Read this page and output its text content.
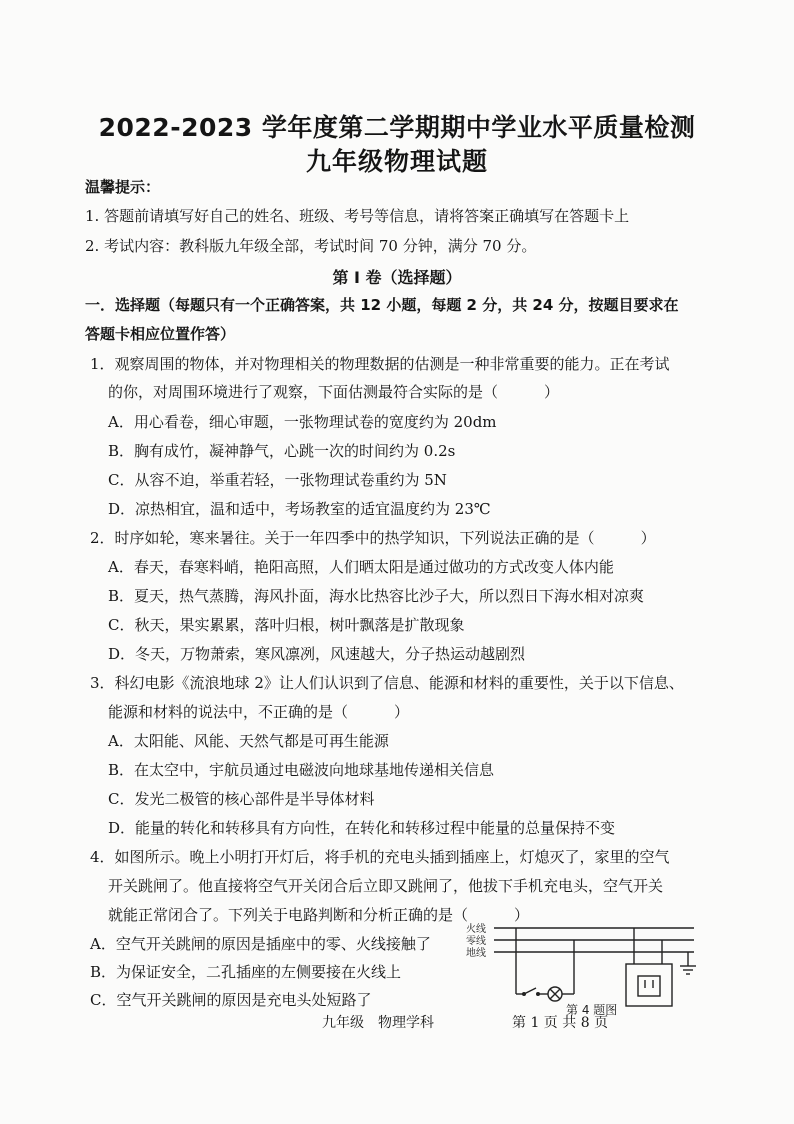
2022-2023 学年度第二学期期中学业水平质量检测
九年级物理试题
温馨提示：
1. 答题前请填写好自己的姓名、班级、考号等信息，请将答案正确填写在答题卡上
2. 考试内容：教科版九年级全部，考试时间 70 分钟，满分 70 分。
第 I 卷（选择题）
一．选择题（每题只有一个正确答案，共 12 小题，每题 2 分，共 24 分，按题目要求在
答题卡相应位置作答）
1．观察周围的物体，并对物理相关的物理数据的估测是一种非常重要的能力。正在考试
的你，对周围环境进行了观察，下面估测最符合实际的是（	）
A．用心看卷，细心审题，一张物理试卷的宽度约为 20dm
B．胸有成竹，凝神静气，心跳一次的时间约为 0.2s
C．从容不迫，举重若轻，一张物理试卷重约为 5N
D．凉热相宜，温和适中，考场教室的适宜温度约为 23℃
2．时序如轮，寒来暑往。关于一年四季中的热学知识，下列说法正确的是（	）
A．春天，春寒料峭，艳阳高照，人们晒太阳是通过做功的方式改变人体内能
B．夏天，热气蒸腾，海风扑面，海水比热容比沙子大，所以烈日下海水相对凉爽
C．秋天，果实累累，落叶归根，树叶飘落是扩散现象
D．冬天，万物萧索，寒风凛冽，风速越大，分子热运动越剧烈
3．科幻电影《流浪地球 2》让人们认识到了信息、能源和材料的重要性，关于以下信息、
能源和材料的说法中，不正确的是（	）
A．太阳能、风能、天然气都是可再生能源
B．在太空中，宇航员通过电磁波向地球基地传递相关信息
C．发光二极管的核心部件是半导体材料
D．能量的转化和转移具有方向性，在转化和转移过程中能量的总量保持不变
4．如图所示。晚上小明打开灯后，将手机的充电头插到插座上，灯熄灭了，家里的空气
开关跳闸了。他直接将空气开关闭合后立即又跳闸了，他拔下手机充电头，空气开关
就能正常闭合了。下列关于电路判断和分析正确的是（	）
A．空气开关跳闸的原因是插座中的零、火线接触了
B．为保证安全，二孔插座的左侧要接在火线上
C．空气开关跳闸的原因是充电头处短路了
火线
零线
地线
第 4 题图
九年级　物理学科	第 1 页 共 8 页
